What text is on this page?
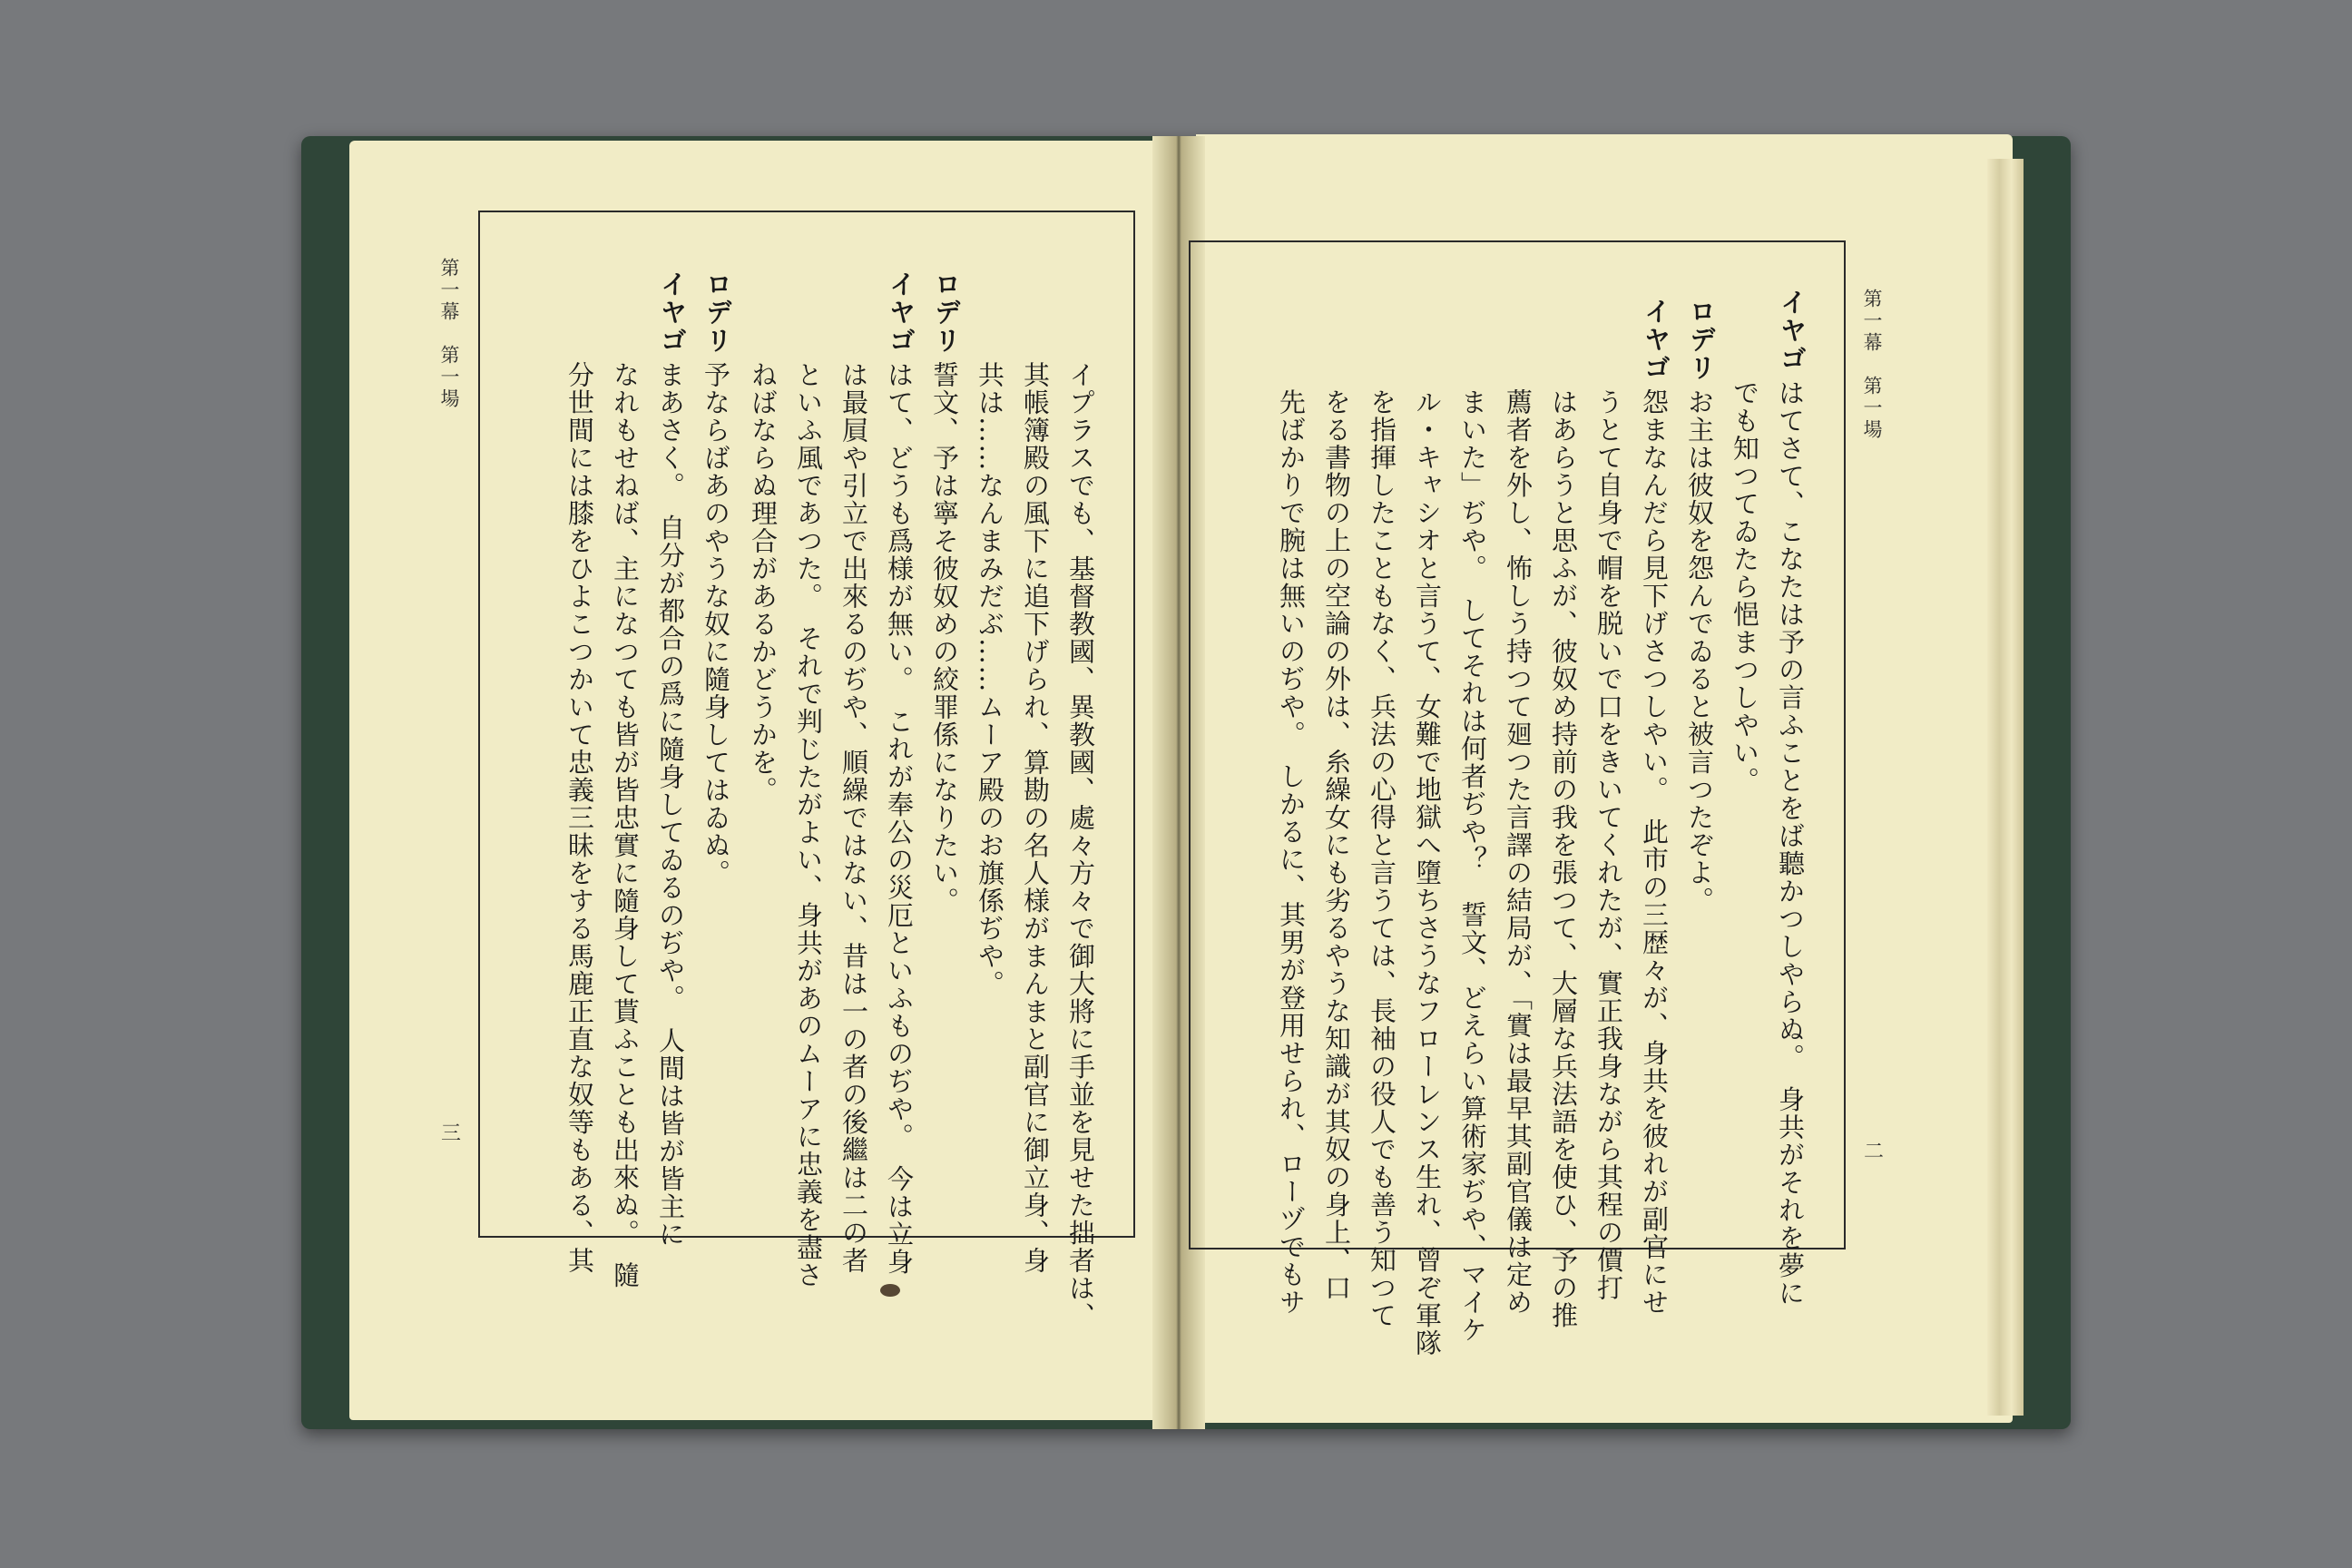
第一幕　第一場
二
第一幕　第一場
三
イヤゴ
はてさて、こなたは予の言ふことをば聽かつしやらぬ。　身共がそれを夢に
でも知つてゐたら悒まつしやい。
ロデリ
お主は彼奴を怨んでゐると被言つたぞよ。
イヤゴ
怨まなんだら見下げさつしやい。　此市の三歴々が、身共を彼れが副官にせ
うとて自身で帽を脱いで口をきいてくれたが、實正我身ながら其程の價打
はあらうと思ふが、彼奴め持前の我を張つて、大層な兵法語を使ひ、予の推
薦者を外し、怖しう持つて廻つた言譯の結局が、「實は最早其副官儀は定め
まいた」ぢや。　してそれは何者ぢや？　誓文、どえらい算術家ぢや、マイケ
ル・キャシオと言うて、女難で地獄へ墮ちさうなフローレンス生れ、曾ぞ軍隊
を指揮したこともなく、兵法の心得と言うては、長袖の役人でも善う知つて
をる書物の上の空論の外は、糸繰女にも劣るやうな知識が其奴の身上、口
先ばかりで腕は無いのぢや。　しかるに、其男が登用せられ、ローヅでもサ
イプラスでも、基督教國、異教國、處々方々で御大將に手並を見せた拙者は、
其帳簿殿の風下に追下げられ、算勘の名人様がまんまと副官に御立身、身
共は……なんまみだぶ……ムーア殿のお旗係ぢや。
ロデリ
誓文、予は寧そ彼奴めの絞罪係になりたい。
イヤゴ
はて、どうも爲様が無い。　これが奉公の災厄といふものぢや。　今は立身
は最屓や引立で出來るのぢや、順繰ではない、昔は一の者の後繼は二の者
といふ風であつた。　それで判じたがよい、身共があのムーアに忠義を盡さ
ねばならぬ理合があるかどうかを。
ロデリ
予ならばあのやうな奴に隨身してはゐぬ。
イヤゴ
まあさく。　自分が都合の爲に隨身してゐるのぢや。　人間は皆が皆主に
なれもせねば、主になつても皆が皆忠實に隨身して貰ふことも出來ぬ。　隨
分世間には膝をひよこつかいて忠義三昧をする馬鹿正直な奴等もある、其
